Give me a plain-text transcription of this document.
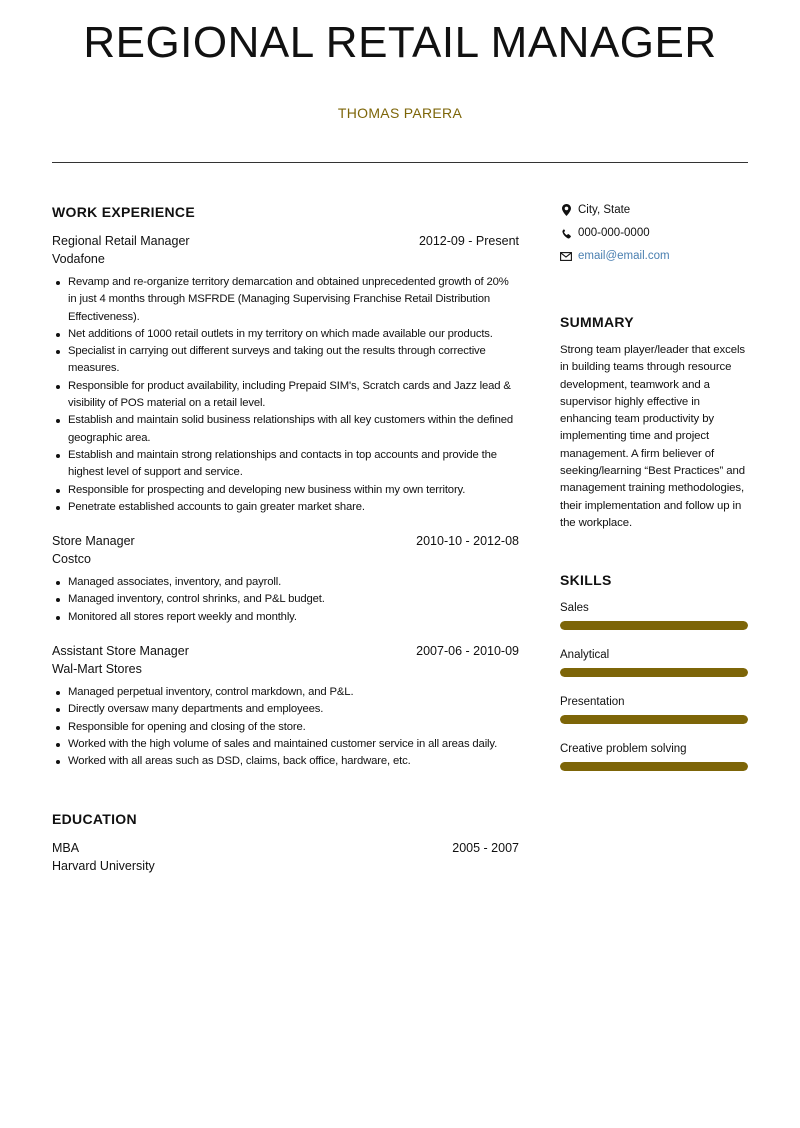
REGIONAL RETAIL MANAGER
THOMAS PARERA
WORK EXPERIENCE
Regional Retail Manager	2012-09 - Present
Vodafone
Revamp and re-organize territory demarcation and obtained unprecedented growth of 20% in just 4 months through MSFRDE (Managing Supervising Franchise Retail Distribution Effectiveness).
Net additions of 1000 retail outlets in my territory on which made available our products.
Specialist in carrying out different surveys and taking out the results through corrective measures.
Responsible for product availability, including Prepaid SIM's, Scratch cards and Jazz lead & visibility of POS material on a retail level.
Establish and maintain solid business relationships with all key customers within the defined geographic area.
Establish and maintain strong relationships and contacts in top accounts and provide the highest level of support and service.
Responsible for prospecting and developing new business within my own territory.
Penetrate established accounts to gain greater market share.
Store Manager	2010-10 - 2012-08
Costco
Managed associates, inventory, and payroll.
Managed inventory, control shrinks, and P&L budget.
Monitored all stores report weekly and monthly.
Assistant Store Manager	2007-06 - 2010-09
Wal-Mart Stores
Managed perpetual inventory, control markdown, and P&L.
Directly oversaw many departments and employees.
Responsible for opening and closing of the store.
Worked with the high volume of sales and maintained customer service in all areas daily.
Worked with all areas such as DSD, claims, back office, hardware, etc.
EDUCATION
MBA	2005 - 2007
Harvard University
City, State
000-000-0000
email@email.com
SUMMARY

Strong team player/leader that excels in building teams through resource development, teamwork and a supervisor highly effective in enhancing team productivity by implementing time and project management. A firm believer of seeking/learning “Best Practices” and management training methodologies, their implementation and follow up in the workplace.

SKILLS
Sales
Analytical
Presentation
Creative problem solving
